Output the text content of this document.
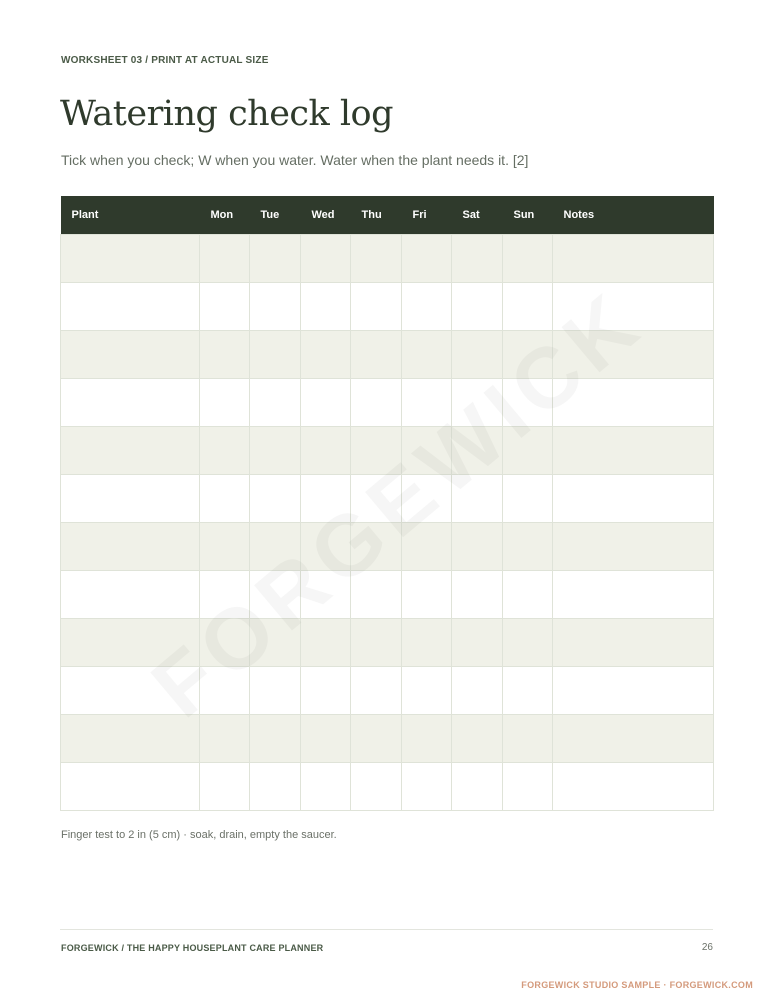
WORKSHEET 03 / PRINT AT ACTUAL SIZE
Watering check log
Tick when you check; W when you water. Water when the plant needs it. [2]
Plant	Mon	Tue	Wed	Thu	Fri	Sat	Sun	Notes

Finger test to 2 in (5 cm) · soak, drain, empty the saucer.
FORGEWICK / THE HAPPY HOUSEPLANT CARE PLANNER	26
FORGEWICK STUDIO SAMPLE · FORGEWICK.COM
